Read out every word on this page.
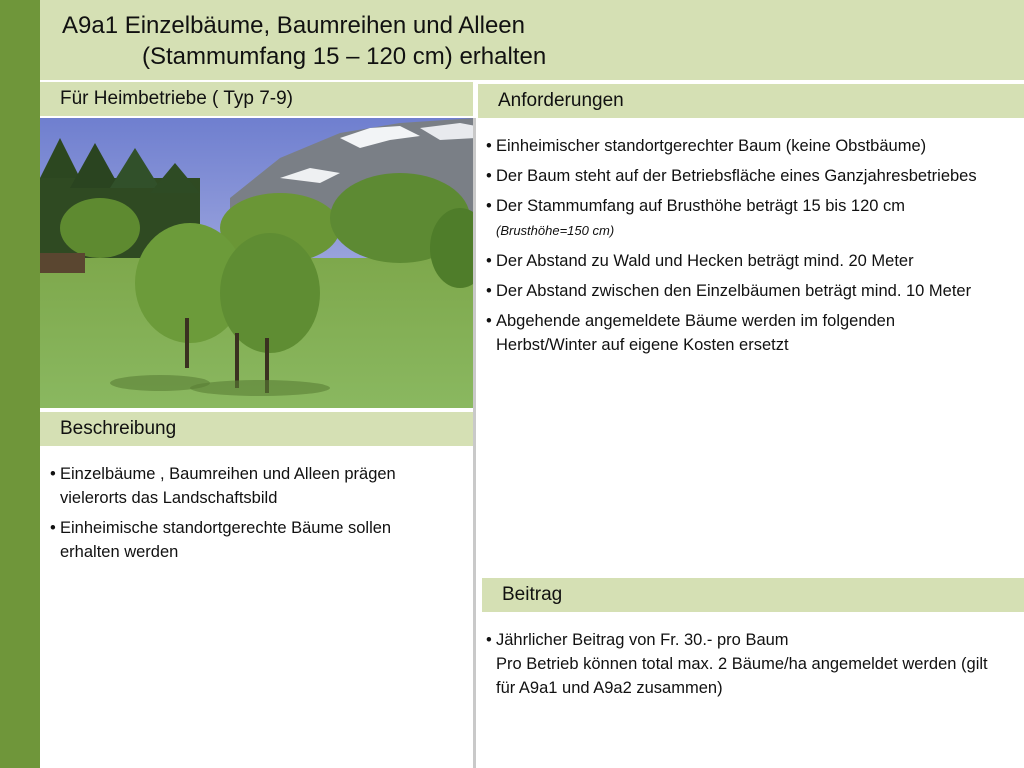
A9a1 Einzelbäume, Baumreihen und Alleen
(Stammumfang 15 – 120 cm) erhalten
Für Heimbetriebe ( Typ 7-9)	Anforderungen
• Einheimischer standortgerechter Baum (keine Obstbäume)
• Der Baum steht auf der Betriebsfläche eines Ganzjahresbetriebes
• Der Stammumfang auf Brusthöhe beträgt 15 bis 120 cm (Brusthöhe=150 cm)
• Der Abstand zu Wald und Hecken beträgt mind. 20 Meter
• Der Abstand zwischen den Einzelbäumen beträgt mind. 10 Meter
• Abgehende angemeldete Bäume werden im folgenden Herbst/Winter auf eigene Kosten ersetzt
Beschreibung
• Einzelbäume , Baumreihen und Alleen prägen vielerorts das Landschaftsbild
• Einheimische standortgerechte Bäume sollen erhalten werden
Beitrag
• Jährlicher Beitrag von Fr. 30.- pro Baum
Pro Betrieb können total max. 2 Bäume/ha angemeldet werden (gilt für A9a1 und A9a2 zusammen)
